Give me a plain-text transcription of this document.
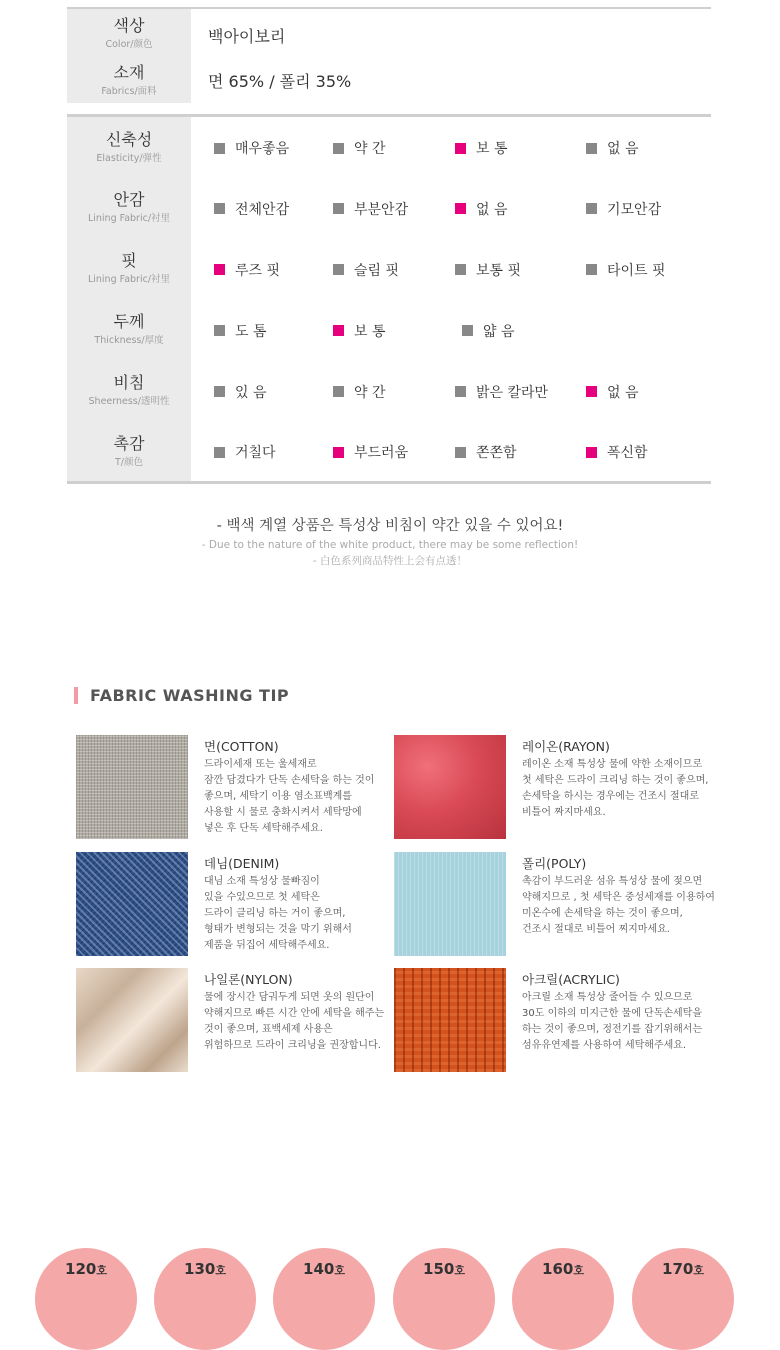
색상
Color/颜色	백아이보리
소재
Fabrics/面料	면 65% / 폴리 35%
신축성
Elasticity/弹性
매우좋음	약 간	보 통	없 음
안감
Lining Fabric/衬里
전체안감	부분안감	없 음	기모안감
핏
Lining Fabric/衬里
루즈 핏	슬림 핏	보통 핏	타이트 핏
두께
Thickness/厚度
도 톰	보 통	얇 음
비침
Sheerness/透明性
있 음	약 간	밝은 칼라만	없 음
촉감
T/颜色
거칠다	부드러움	쫀쫀함	폭신함
- 백색 계열 상품은 특성상 비침이 약간 있을 수 있어요!
- Due to the nature of the white product, there may be some reflection!
- 白色系列商品特性上会有点透！
FABRIC WASHING TIP
면(COTTON)
드라이세재 또는 울세재로
잠깐 담겼다가 단독 손세탁을 하는 것이
좋으며, 세탁기 이용 염소표백계를
사용할 시 물로 충화시켜서 세탁망에
넣은 후 단독 세탁해주세요.
레이온(RAYON)
레이온 소재 특성상 물에 약한 소재이므로
첫 세탁은 드라이 크리닝 하는 것이 좋으며,
손세탁을 하시는 경우에는 건조시 절대로
비틀어 짜지마세요.
데님(DENIM)
대님 소재 특성상 물빠짐이
있을 수있으므로 첫 세탁은
드라이 클리닝 하는 거이 좋으며,
형태가 변형되는 것을 막기 위해서
제품을 뒤집어 세탁해주세요.
폴리(POLY)
촉감이 부드러운 섬유 특성상 물에 젖으면
약해지므로 , 첫 세탁은 중성세재를 이용하여
미온수에 손세탁을 하는 것이 좋으며,
건조시 절대로 비틀어 찌지마세요.
나일론(NYLON)
물에 장시간 담궈두게 되면 옷의 원단이
약해지므로 빠른 시간 안에 세탁을 해주는
것이 좋으며, 표백세제 사용은
위험하므로 드라이 크리닝을 권장합니다.
아크릴(ACRYLIC)
아크릴 소재 특성상 줄어들 수 있으므로
30도 이하의 미지근한 물에 단독손세탁을
하는 것이 좋으며, 정전기를 잡기위해서는
섬유유연제를 사용하여 세탁해주세요.
120호	130호	140호	150호	160호	170호
